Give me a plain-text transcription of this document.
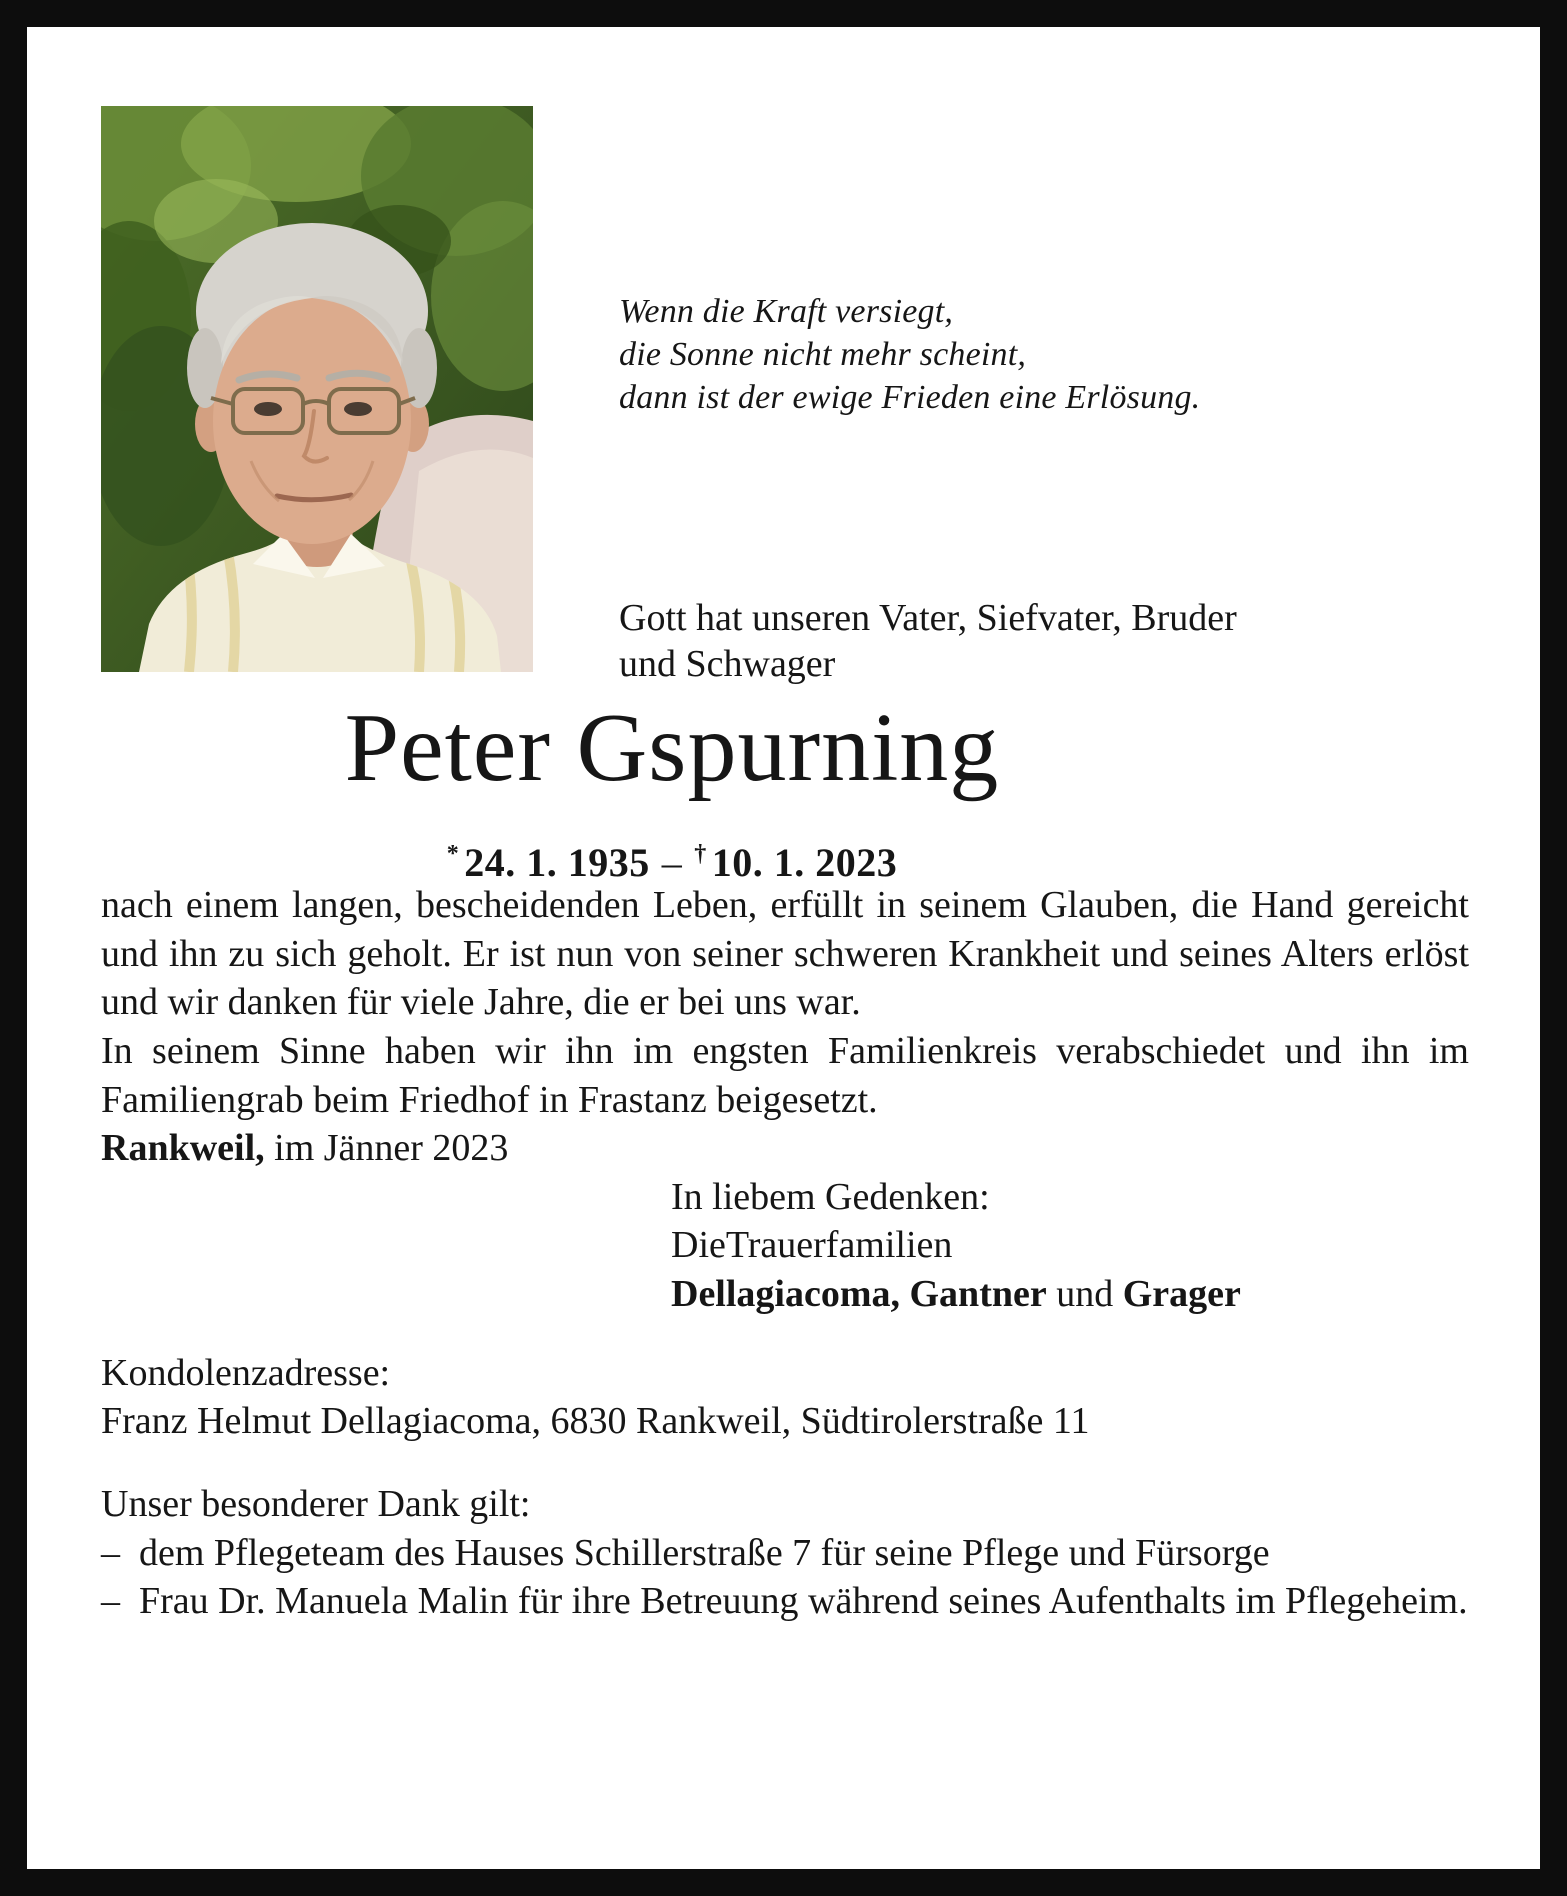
Wenn die Kraft versiegt,
die Sonne nicht mehr scheint,
dann ist der ewige Frieden eine Erlösung.
Gott hat unseren Vater, Siefvater, Bruder
und Schwager
Peter Gspurning
* 24. 1. 1935 – † 10. 1. 2023

nach einem langen, bescheidenden Leben, erfüllt in seinem Glauben, die Hand gereicht und ihn zu sich geholt. Er ist nun von seiner schweren Krankheit und seines Alters erlöst und wir danken für viele Jahre, die er bei uns war.

In seinem Sinne haben wir ihn im engsten Familienkreis verabschiedet und ihn im Familiengrab beim Friedhof in Frastanz beigesetzt.

Rankweil, im Jänner 2023

In liebem Gedenken:
DieTrauerfamilien
Dellagiacoma, Gantner und Grager
Kondolenzadresse:
Franz Helmut Dellagiacoma, 6830 Rankweil, Südtirolerstraße 11
Unser besonderer Dank gilt:
– dem Pflegeteam des Hauses Schillerstraße 7 für seine Pflege und Fürsorge
– Frau Dr. Manuela Malin für ihre Betreuung während seines Aufenthalts im Pflegeheim.
